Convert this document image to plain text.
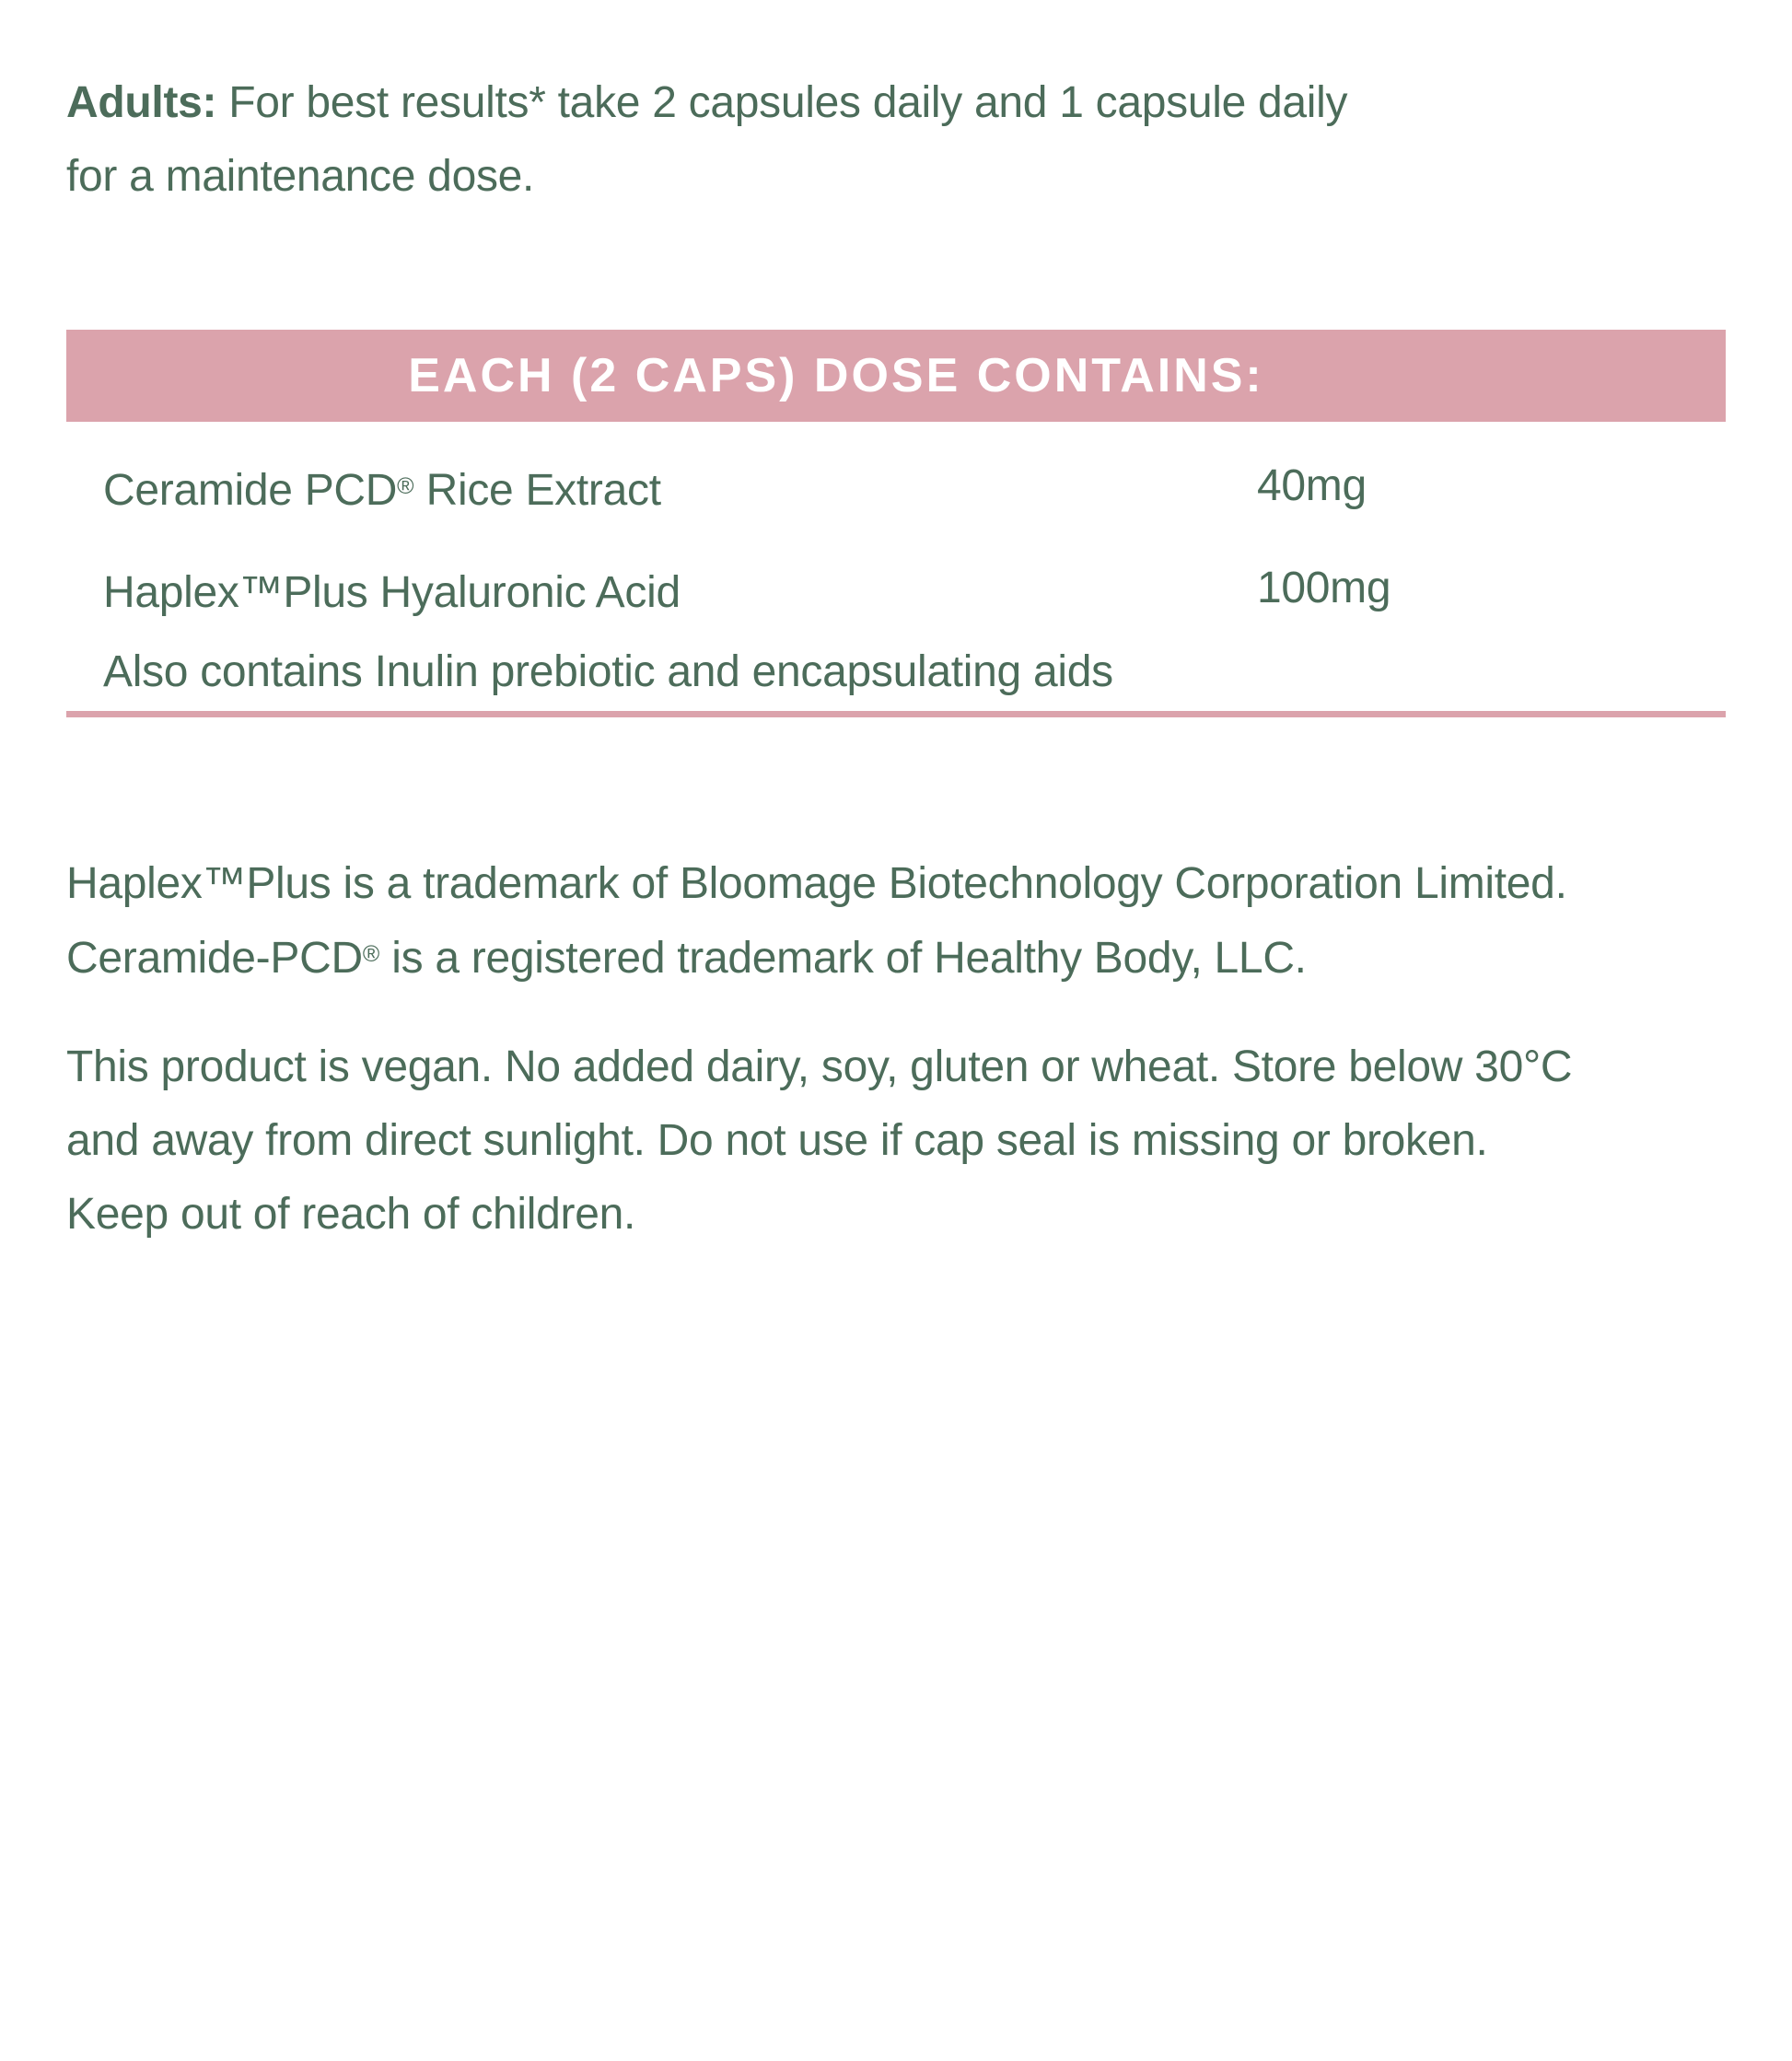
Adults: For best results* take 2 capsules daily and 1 capsule daily
for a maintenance dose.

EACH (2 CAPS) DOSE CONTAINS:
Ceramide PCD® Rice Extract	40mg
Haplex™Plus Hyaluronic Acid	100mg
Also contains Inulin prebiotic and encapsulating aids

Haplex™Plus is a trademark of Bloomage Biotechnology Corporation Limited.
Ceramide-PCD® is a registered trademark of Healthy Body, LLC.

This product is vegan. No added dairy, soy, gluten or wheat. Store below 30°C
and away from direct sunlight. Do not use if cap seal is missing or broken.
Keep out of reach of children.
